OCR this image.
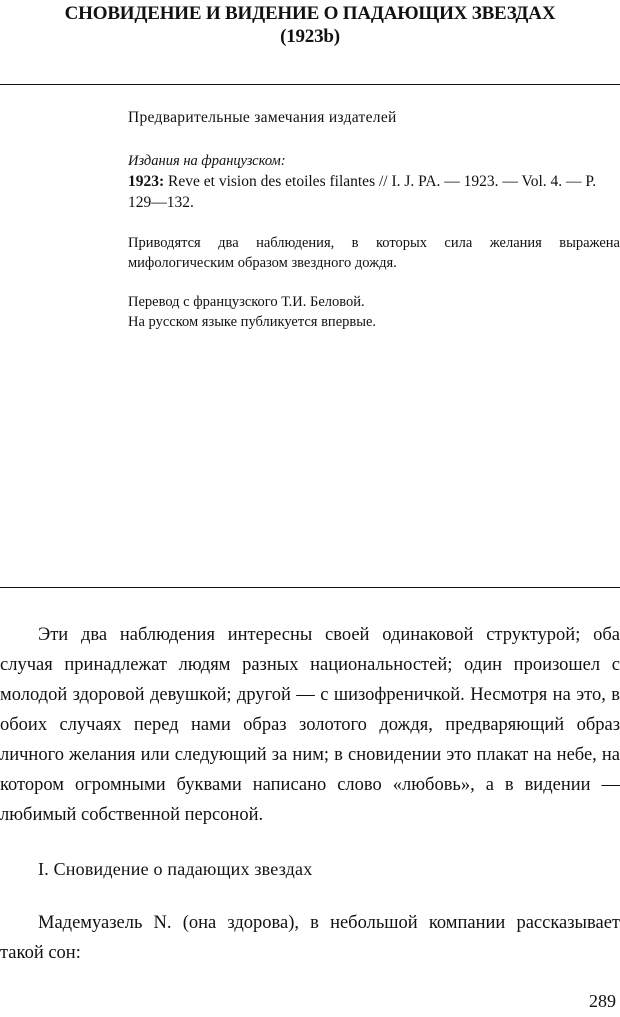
СНОВИДЕНИЕ И ВИДЕНИЕ О ПАДАЮЩИХ ЗВЕЗДАХ
(1923b)
Предварительные замечания издателей
Издания на французском:
1923: Reve et vision des etoiles filantes // I. J. PA. — 1923. — Vol. 4. — P. 129—132.
Приводятся два наблюдения, в которых сила желания выражена мифологическим образом звездного дождя.
Перевод с французского Т.И. Беловой.
На русском языке публикуется впервые.
Эти два наблюдения интересны своей одинаковой структурой; оба случая принадлежат людям разных национальностей; один произошел с молодой здоровой девушкой; другой — с шизофреничкой. Несмотря на это, в обоих случаях перед нами образ золотого дождя, предваряющий образ личного желания или следующий за ним; в сновидении это плакат на небе, на котором огромными буквами написано слово «любовь», а в видении — любимый собственной персоной.
I. Сновидение о падающих звездах
Мадемуазель N. (она здорова), в небольшой компании рассказывает такой сон:
289
